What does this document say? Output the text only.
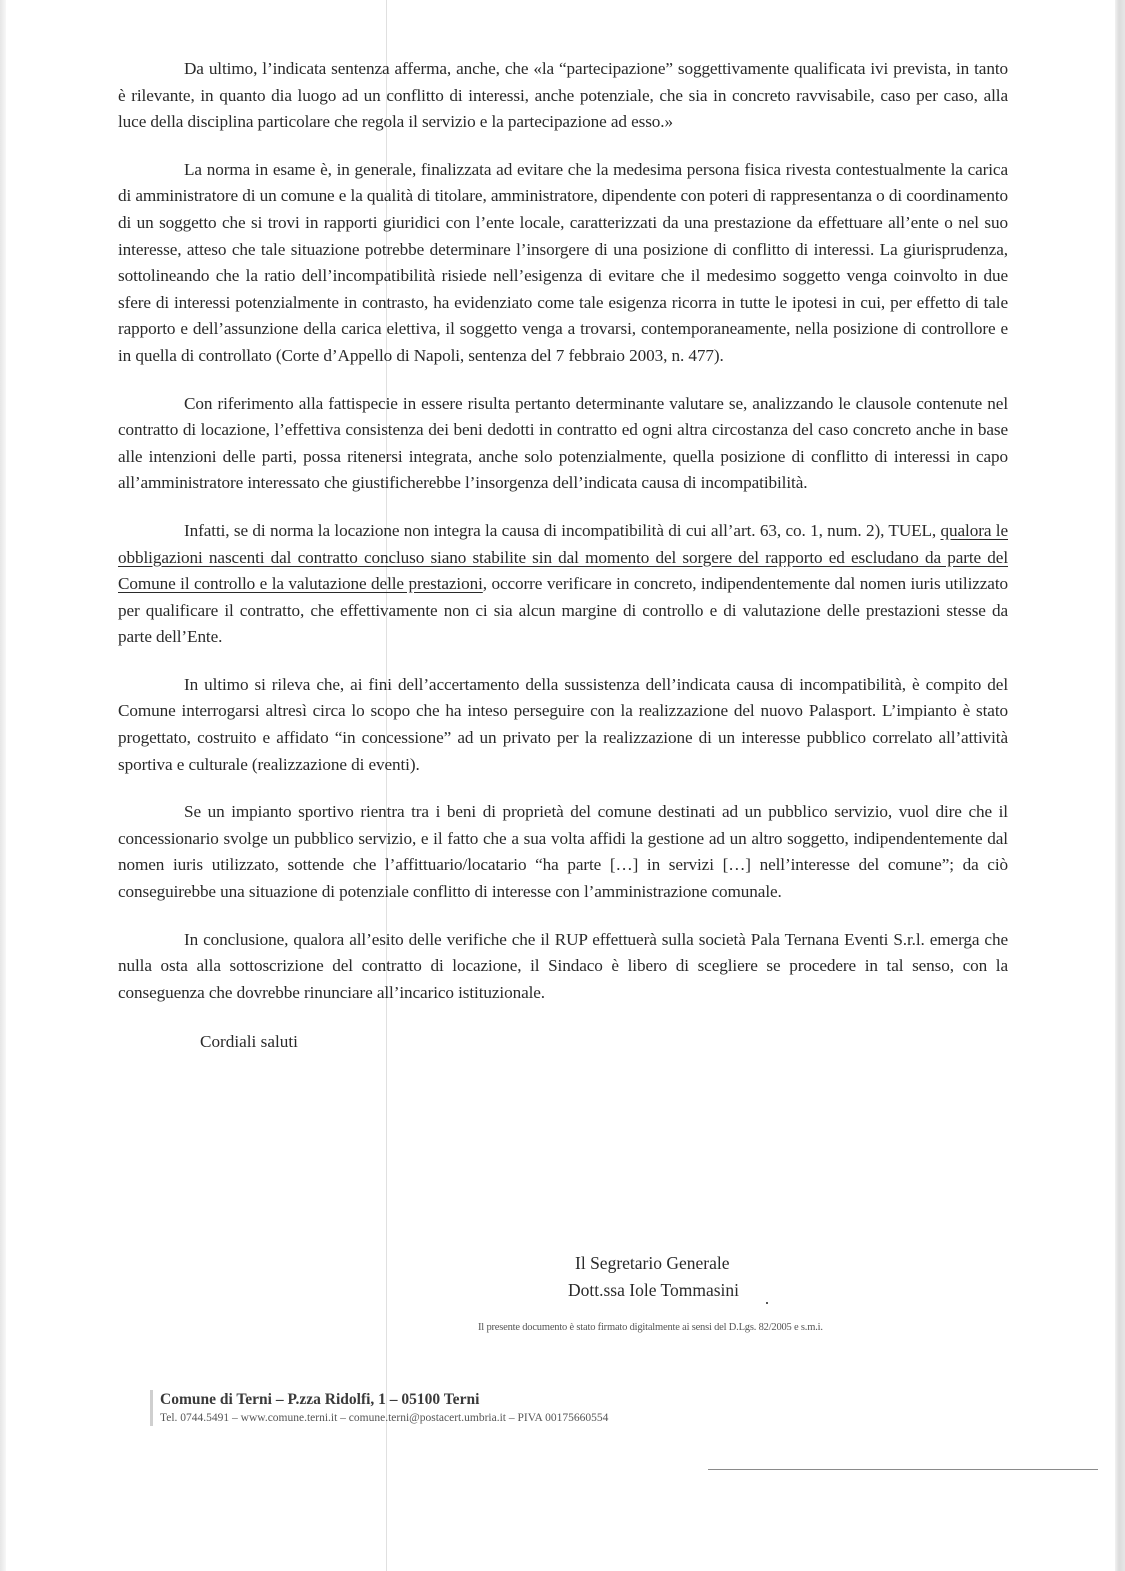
Da ultimo, l’indicata sentenza afferma, anche, che «la “partecipazione” soggettivamente qualificata ivi prevista, in tanto è rilevante, in quanto dia luogo ad un conflitto di interessi, anche potenziale, che sia in concreto ravvisabile, caso per caso, alla luce della disciplina particolare che regola il servizio e la partecipazione ad esso.»

La norma in esame è, in generale, finalizzata ad evitare che la medesima persona fisica rivesta contestualmente la carica di amministratore di un comune e la qualità di titolare, amministratore, dipendente con poteri di rappresentanza o di coordinamento di un soggetto che si trovi in rapporti giuridici con l’ente locale, caratterizzati da una prestazione da effettuare all’ente o nel suo interesse, atteso che tale situazione potrebbe determinare l’insorgere di una posizione di conflitto di interessi. La giurisprudenza, sottolineando che la ratio dell’incompatibilità risiede nell’esigenza di evitare che il medesimo soggetto venga coinvolto in due sfere di interessi potenzialmente in contrasto, ha evidenziato come tale esigenza ricorra in tutte le ipotesi in cui, per effetto di tale rapporto e dell’assunzione della carica elettiva, il soggetto venga a trovarsi, contemporaneamente, nella posizione di controllore e in quella di controllato (Corte d’Appello di Napoli, sentenza del 7 febbraio 2003, n. 477).

Con riferimento alla fattispecie in essere risulta pertanto determinante valutare se, analizzando le clausole contenute nel contratto di locazione, l’effettiva consistenza dei beni dedotti in contratto ed ogni altra circostanza del caso concreto anche in base alle intenzioni delle parti, possa ritenersi integrata, anche solo potenzialmente, quella posizione di conflitto di interessi in capo all’amministratore interessato che giustificherebbe l’insorgenza dell’indicata causa di incompatibilità.

Infatti, se di norma la locazione non integra la causa di incompatibilità di cui all’art. 63, co. 1, num. 2), TUEL, qualora le obbligazioni nascenti dal contratto concluso siano stabilite sin dal momento del sorgere del rapporto ed escludano da parte del Comune il controllo e la valutazione delle prestazioni, occorre verificare in concreto, indipendentemente dal nomen iuris utilizzato per qualificare il contratto, che effettivamente non ci sia alcun margine di controllo e di valutazione delle prestazioni stesse da parte dell’Ente.

In ultimo si rileva che, ai fini dell’accertamento della sussistenza dell’indicata causa di incompatibilità, è compito del Comune interrogarsi altresì circa lo scopo che ha inteso perseguire con la realizzazione del nuovo Palasport. L’impianto è stato progettato, costruito e affidato “in concessione” ad un privato per la realizzazione di un interesse pubblico correlato all’attività sportiva e culturale (realizzazione di eventi).

Se un impianto sportivo rientra tra i beni di proprietà del comune destinati ad un pubblico servizio, vuol dire che il concessionario svolge un pubblico servizio, e il fatto che a sua volta affidi la gestione ad un altro soggetto, indipendentemente dal nomen iuris utilizzato, sottende che l’affittuario/locatario “ha parte […] in servizi […] nell’interesse del comune”; da ciò conseguirebbe una situazione di potenziale conflitto di interesse con l’amministrazione comunale.

In conclusione, qualora all’esito delle verifiche che il RUP effettuerà sulla società Pala Ternana Eventi S.r.l. emerga che nulla osta alla sottoscrizione del contratto di locazione, il Sindaco è libero di scegliere se procedere in tal senso, con la conseguenza che dovrebbe rinunciare all’incarico istituzionale.

Cordiali saluti
Il Segretario Generale
Dott.ssa Iole Tommasini
Il presente documento è stato firmato digitalmente ai sensi del D.Lgs. 82/2005 e s.m.i.
Comune di Terni – P.zza Ridolfi, 1 – 05100 Terni
Tel. 0744.5491 – www.comune.terni.it – comune.terni@postacert.umbria.it – PIVA 00175660554
